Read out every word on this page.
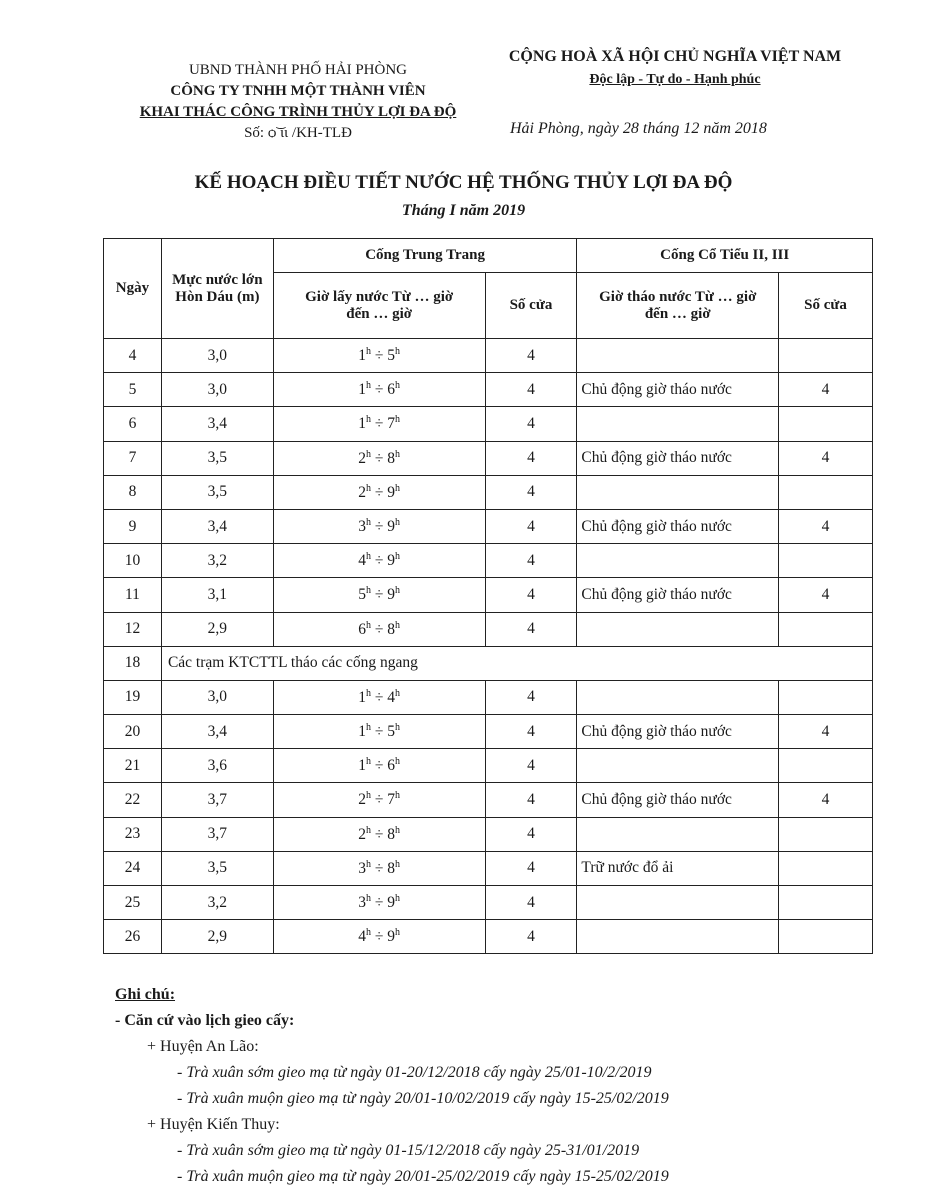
UBND THÀNH PHỐ HẢI PHÒNG
CÔNG TY TNHH MỘT THÀNH VIÊN
KHAI THÁC CÔNG TRÌNH THỦY LỢI ĐA ĐỘ
Số: ѻ͝ ɩɩ /KH-TLĐ
CỘNG HOÀ XÃ HỘI CHỦ NGHĨA VIỆT NAM
Độc lập - Tự do - Hạnh phúc
Hải Phòng, ngày 28 tháng 12 năm 2018
KẾ HOẠCH ĐIỀU TIẾT NƯỚC HỆ THỐNG THỦY LỢI ĐA ĐỘ
Tháng I năm 2019
Ngày	Mực nước lớn Hòn Dáu (m)	Cống Trung Trang		Cống Cổ Tiểu II, III	
		Giờ lấy nước Từ … giờ đến … giờ	Số cửa	Giờ tháo nước Từ … giờ đến … giờ	Số cửa
4	3,0	$1^h \div 5^h$	4		
5	3,0	$1^h \div 6^h$	4	Chủ động giờ tháo nước	4
6	3,4	$1^h \div 7^h$	4		
7	3,5	$2^h \div 8^h$	4	Chủ động giờ tháo nước	4
8	3,5	$2^h \div 9^h$	4		
9	3,4	$3^h \div 9^h$	4	Chủ động giờ tháo nước	4
10	3,2	$4^h \div 9^h$	4		
11	3,1	$5^h \div 9^h$	4	Chủ động giờ tháo nước	4
12	2,9	$6^h \div 8^h$	4		
18	Các trạm KTCTTL tháo các cống ngang				
19	3,0	$1^h \div 4^h$	4		
20	3,4	$1^h \div 5^h$	4	Chủ động giờ tháo nước	4
21	3,6	$1^h \div 6^h$	4		
22	3,7	$2^h \div 7^h$	4	Chủ động giờ tháo nước	4
23	3,7	$2^h \div 8^h$	4		
24	3,5	$3^h \div 8^h$	4	Trữ nước đổ ải	
25	3,2	$3^h \div 9^h$	4		
26	2,9	$4^h \div 9^h$	4		
Ghi chú:
- Căn cứ vào lịch gieo cấy:
+ Huyện An Lão:
- Trà xuân sớm gieo mạ từ ngày 01-20/12/2018 cấy ngày 25/01-10/2/2019
- Trà xuân muộn gieo mạ từ ngày 20/01-10/02/2019 cấy ngày 15-25/02/2019
+ Huyện Kiến Thuy:
- Trà xuân sớm gieo mạ từ ngày 01-15/12/2018 cấy ngày 25-31/01/2019
- Trà xuân muộn gieo mạ từ ngày 20/01-25/02/2019 cấy ngày 15-25/02/2019
